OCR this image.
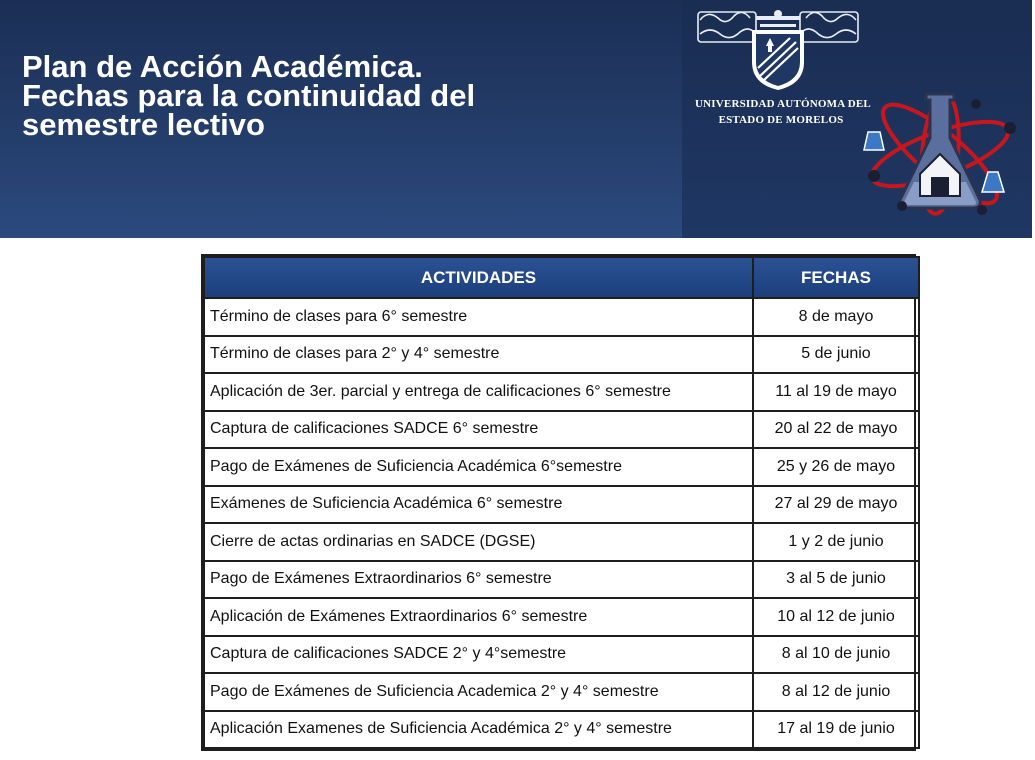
Plan de Acción Académica.
Fechas para la continuidad del
semestre lectivo
UNIVERSIDAD AUTÓNOMA DEL
ESTADO DE MORELOS
ACTIVIDADES	FECHAS
Término de clases para 6° semestre	8 de mayo
Término de clases para 2° y 4° semestre	5 de junio
Aplicación de 3er. parcial y entrega de calificaciones 6° semestre	11 al 19 de mayo
Captura de calificaciones SADCE 6° semestre	20 al 22 de mayo
Pago de Exámenes de Suficiencia Académica 6°semestre	25 y 26 de mayo
Exámenes de Suficiencia Académica 6° semestre	27 al 29 de mayo
Cierre de actas ordinarias en SADCE (DGSE)	1 y 2 de junio
Pago de Exámenes Extraordinarios 6° semestre	3 al 5 de junio
Aplicación de Exámenes Extraordinarios 6° semestre	10 al 12 de junio
Captura de calificaciones SADCE 2° y 4°semestre	8 al 10 de junio
Pago de Exámenes de Suficiencia Academica 2° y 4° semestre	8 al 12 de junio
Aplicación Examenes de Suficiencia Académica 2° y 4° semestre	17 al 19 de junio
